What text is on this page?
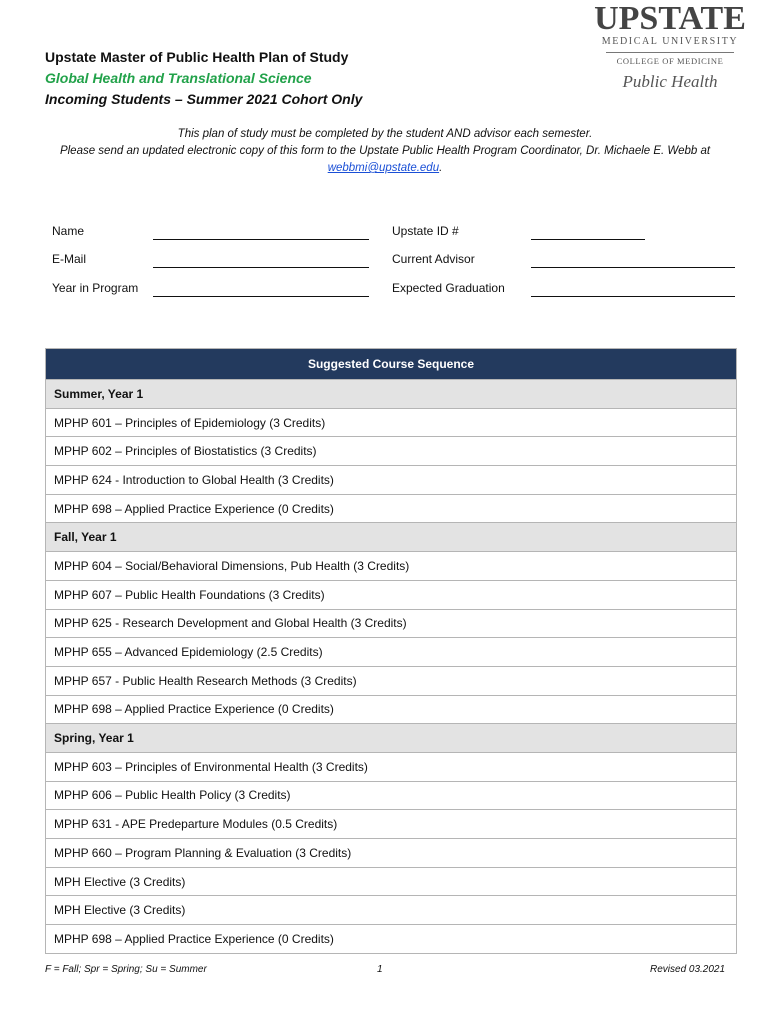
Upstate Master of Public Health Plan of Study
Global Health and Translational Science
Incoming Students – Summer 2021 Cohort Only
UPSTATE
MEDICAL UNIVERSITY
COLLEGE OF MEDICINE
Public Health
This plan of study must be completed by the student AND advisor each semester.
Please send an updated electronic copy of this form to the Upstate Public Health Program Coordinator, Dr. Michaele E. Webb at webbmi@upstate.edu.
Name
E-Mail
Year in Program
Upstate ID #
Current Advisor
Expected Graduation
Suggested Course Sequence
Summer, Year 1
MPHP 601 – Principles of Epidemiology (3 Credits)
MPHP 602 – Principles of Biostatistics (3 Credits)
MPHP 624 - Introduction to Global Health (3 Credits)
MPHP 698 – Applied Practice Experience (0 Credits)
Fall, Year 1
MPHP 604 – Social/Behavioral Dimensions, Pub Health (3 Credits)
MPHP 607 – Public Health Foundations (3 Credits)
MPHP 625 - Research Development and Global Health (3 Credits)
MPHP 655 – Advanced Epidemiology (2.5 Credits)
MPHP 657 - Public Health Research Methods (3 Credits)
MPHP 698 – Applied Practice Experience (0 Credits)
Spring, Year 1
MPHP 603 – Principles of Environmental Health (3 Credits)
MPHP 606 – Public Health Policy (3 Credits)
MPHP 631 - APE Predeparture Modules (0.5 Credits)
MPHP 660 – Program Planning & Evaluation (3 Credits)
MPH Elective (3 Credits)
MPH Elective (3 Credits)
MPHP 698 – Applied Practice Experience (0 Credits)
F = Fall; Spr = Spring; Su = Summer	1	Revised 03.2021
